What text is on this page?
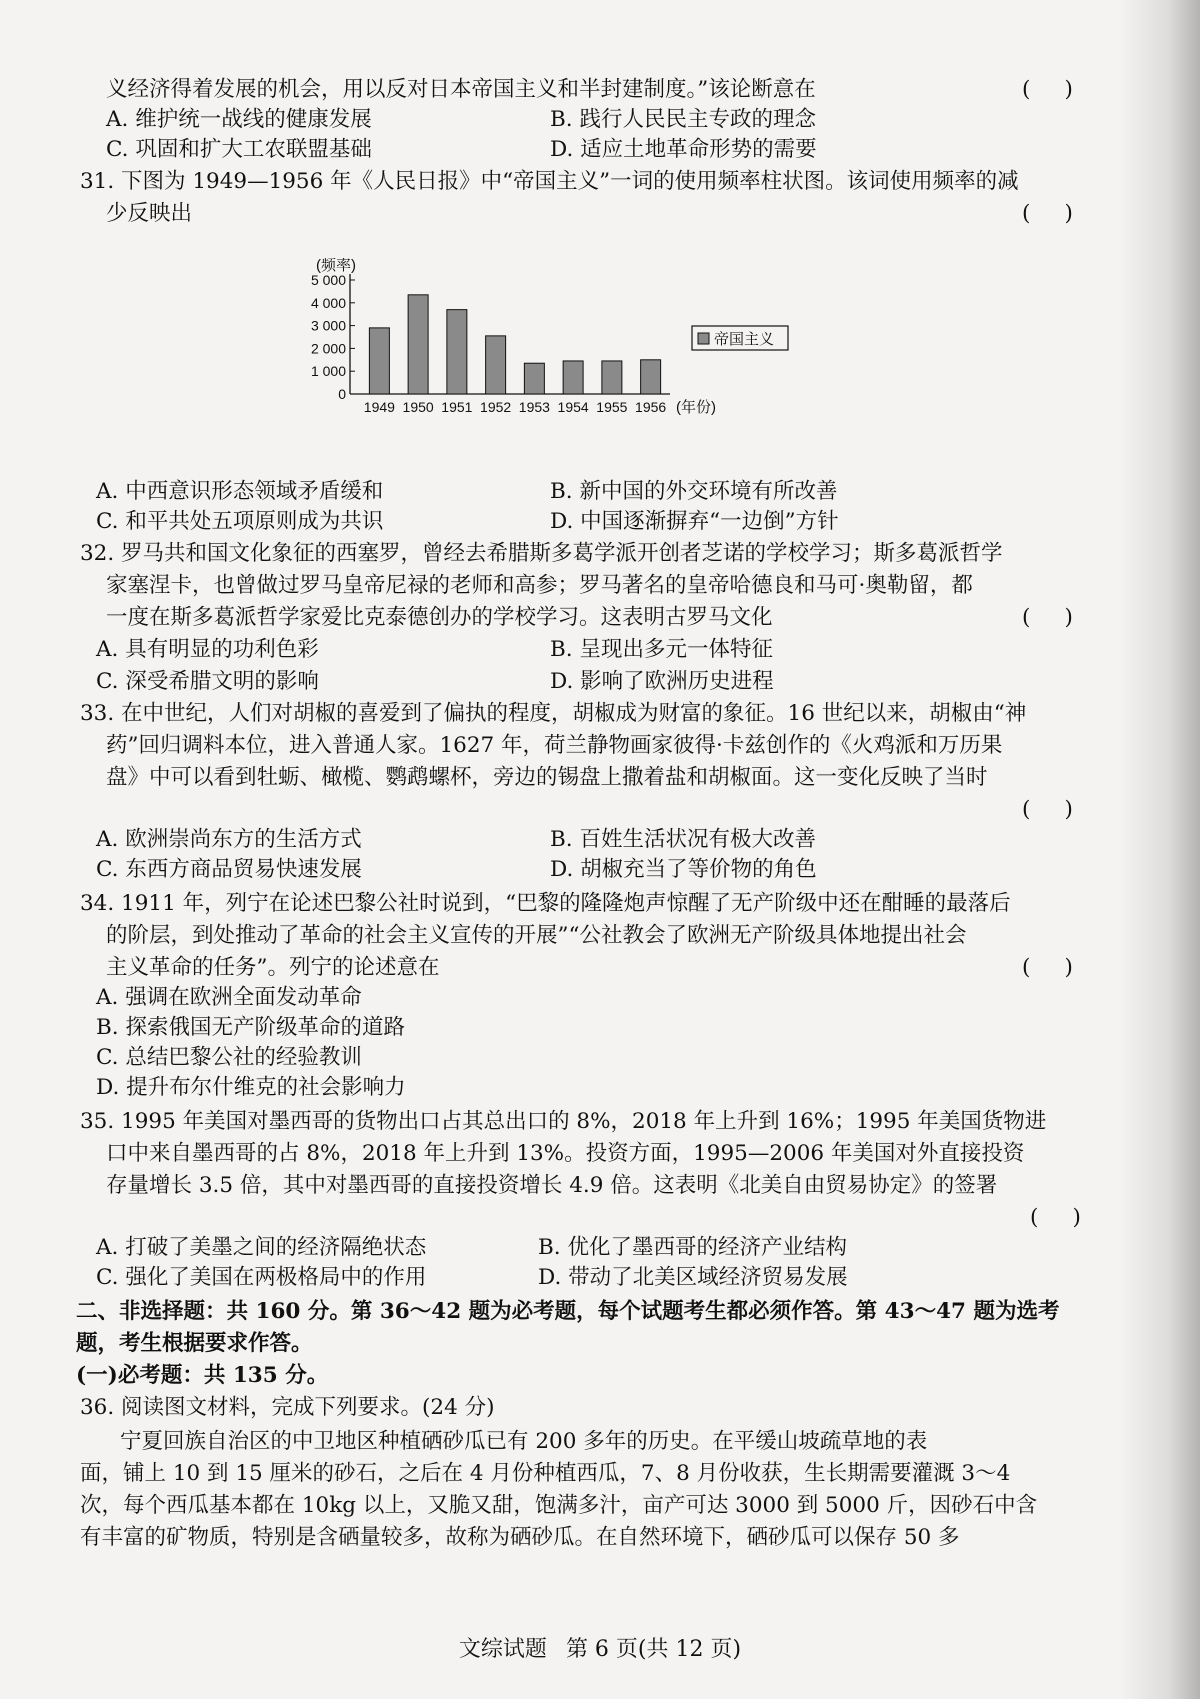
义经济得着发展的机会，用以反对日本帝国主义和半封建制度。”该论断意在	(     )
A. 维护统一战线的健康发展	B. 践行人民民主专政的理念
C. 巩固和扩大工农联盟基础	D. 适应土地革命形势的需要
31. 下图为 1949—1956 年《人民日报》中“帝国主义”一词的使用频率柱状图。该词使用频率的减
少反映出	(     )
(频率)
0
1 000
2 000
3 000
4 000
5 000
1949 1950 1951 1952 1953 1954 1955 1956 (年份)
帝国主义
A. 中西意识形态领域矛盾缓和	B. 新中国的外交环境有所改善
C. 和平共处五项原则成为共识	D. 中国逐渐摒弃“一边倒”方针
32. 罗马共和国文化象征的西塞罗，曾经去希腊斯多葛学派开创者芝诺的学校学习；斯多葛派哲学
家塞涅卡，也曾做过罗马皇帝尼禄的老师和高参；罗马著名的皇帝哈德良和马可·奥勒留，都
一度在斯多葛派哲学家爱比克泰德创办的学校学习。这表明古罗马文化	(     )
A. 具有明显的功利色彩	B. 呈现出多元一体特征
C. 深受希腊文明的影响	D. 影响了欧洲历史进程
33. 在中世纪，人们对胡椒的喜爱到了偏执的程度，胡椒成为财富的象征。16 世纪以来，胡椒由“神
药”回归调料本位，进入普通人家。1627 年，荷兰静物画家彼得·卡兹创作的《火鸡派和万历果
盘》中可以看到牡蛎、橄榄、鹦鹉螺杯，旁边的锡盘上撒着盐和胡椒面。这一变化反映了当时
(     )
A. 欧洲崇尚东方的生活方式	B. 百姓生活状况有极大改善
C. 东西方商品贸易快速发展	D. 胡椒充当了等价物的角色
34. 1911 年，列宁在论述巴黎公社时说到，“巴黎的隆隆炮声惊醒了无产阶级中还在酣睡的最落后
的阶层，到处推动了革命的社会主义宣传的开展”“公社教会了欧洲无产阶级具体地提出社会
主义革命的任务”。列宁的论述意在	(     )
A. 强调在欧洲全面发动革命
B. 探索俄国无产阶级革命的道路
C. 总结巴黎公社的经验教训
D. 提升布尔什维克的社会影响力
35. 1995 年美国对墨西哥的货物出口占其总出口的 8%，2018 年上升到 16%；1995 年美国货物进
口中来自墨西哥的占 8%，2018 年上升到 13%。投资方面，1995—2006 年美国对外直接投资
存量增长 3.5 倍，其中对墨西哥的直接投资增长 4.9 倍。这表明《北美自由贸易协定》的签署
(     )
A. 打破了美墨之间的经济隔绝状态	B. 优化了墨西哥的经济产业结构
C. 强化了美国在两极格局中的作用	D. 带动了北美区域经济贸易发展
二、非选择题：共 160 分。第 36～42 题为必考题，每个试题考生都必须作答。第 43～47 题为选考
题，考生根据要求作答。
(一)必考题：共 135 分。
36. 阅读图文材料，完成下列要求。(24 分)
宁夏回族自治区的中卫地区种植硒砂瓜已有 200 多年的历史。在平缓山坡疏草地的表
面，铺上 10 到 15 厘米的砂石，之后在 4 月份种植西瓜，7、8 月份收获，生长期需要灌溉 3～4
次，每个西瓜基本都在 10kg 以上，又脆又甜，饱满多汁，亩产可达 3000 到 5000 斤，因砂石中含
有丰富的矿物质，特别是含硒量较多，故称为硒砂瓜。在自然环境下，硒砂瓜可以保存 50 多
文综试题 第 6 页(共 12 页)
